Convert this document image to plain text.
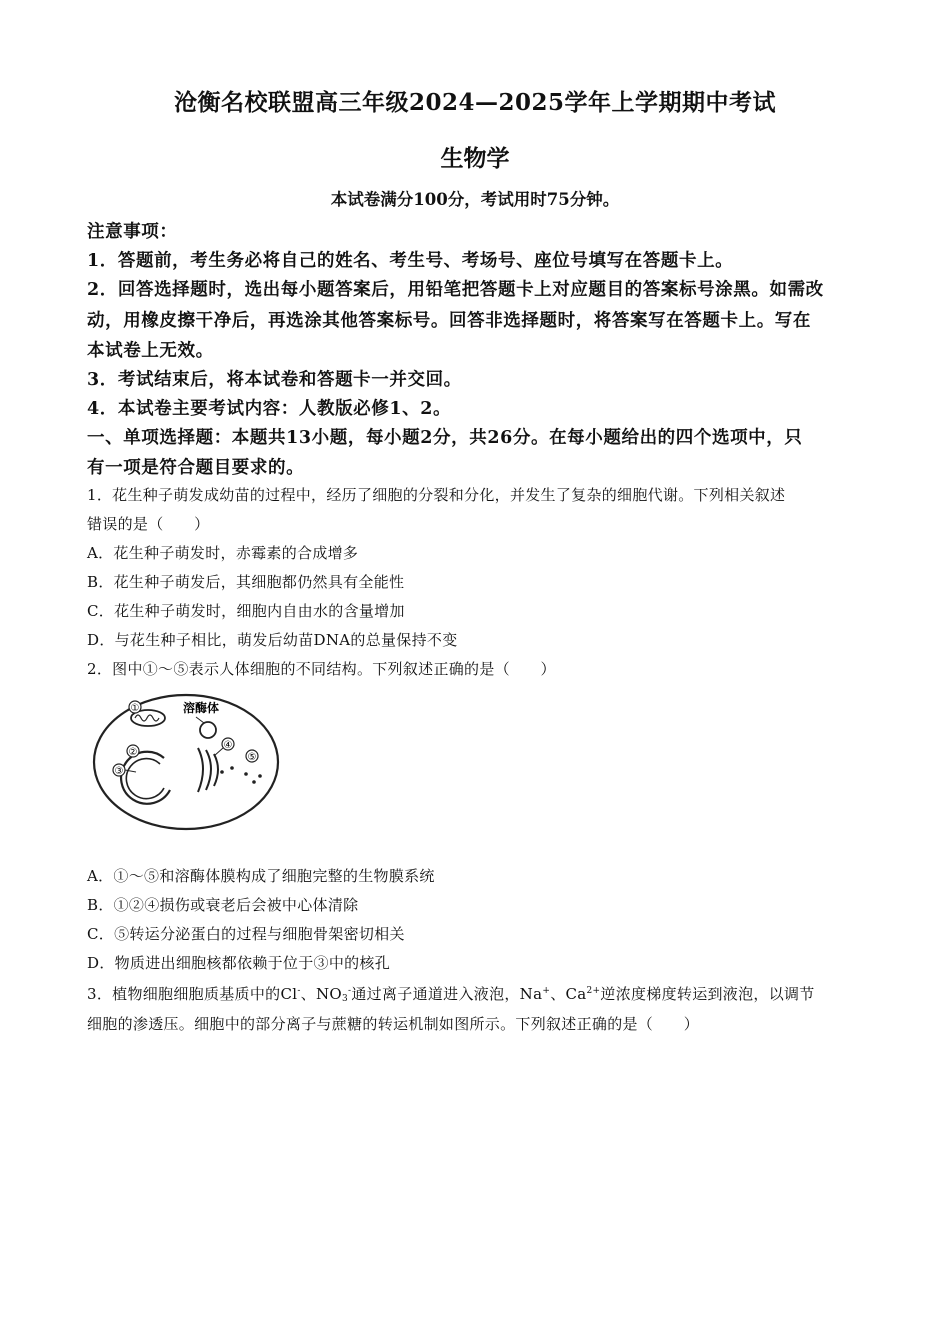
沧衡名校联盟高三年级2024—2025学年上学期期中考试
生物学
本试卷满分100分，考试用时75分钟。
注意事项：
1．答题前，考生务必将自己的姓名、考生号、考场号、座位号填写在答题卡上。
2．回答选择题时，选出每小题答案后，用铅笔把答题卡上对应题目的答案标号涂黑。如需改
动，用橡皮擦干净后，再选涂其他答案标号。回答非选择题时，将答案写在答题卡上。写在
本试卷上无效。
3．考试结束后，将本试卷和答题卡一并交回。
4．本试卷主要考试内容：人教版必修1、2。
一、单项选择题：本题共13小题，每小题2分，共26分。在每小题给出的四个选项中，只
有一项是符合题目要求的。
1．花生种子萌发成幼苗的过程中，经历了细胞的分裂和分化，并发生了复杂的细胞代谢。下列相关叙述
错误的是（　　）
A．花生种子萌发时，赤霉素的合成增多
B．花生种子萌发后，其细胞都仍然具有全能性
C．花生种子萌发时，细胞内自由水的含量增加
D．与花生种子相比，萌发后幼苗DNA的总量保持不变
2．图中①～⑤表示人体细胞的不同结构。下列叙述正确的是（　　）
①	溶酶体
②
③
④
⑤
A．①～⑤和溶酶体膜构成了细胞完整的生物膜系统
B．①②④损伤或衰老后会被中心体清除
C．⑤转运分泌蛋白的过程与细胞骨架密切相关
D．物质进出细胞核都依赖于位于③中的核孔
3．植物细胞细胞质基质中的Cl-、$NO_3^-$通过离子通道进入液泡，Na+、$Ca^{2+}$逆浓度梯度转运到液泡，以调节
细胞的渗透压。细胞中的部分离子与蔗糖的转运机制如图所示。下列叙述正确的是（　　）
